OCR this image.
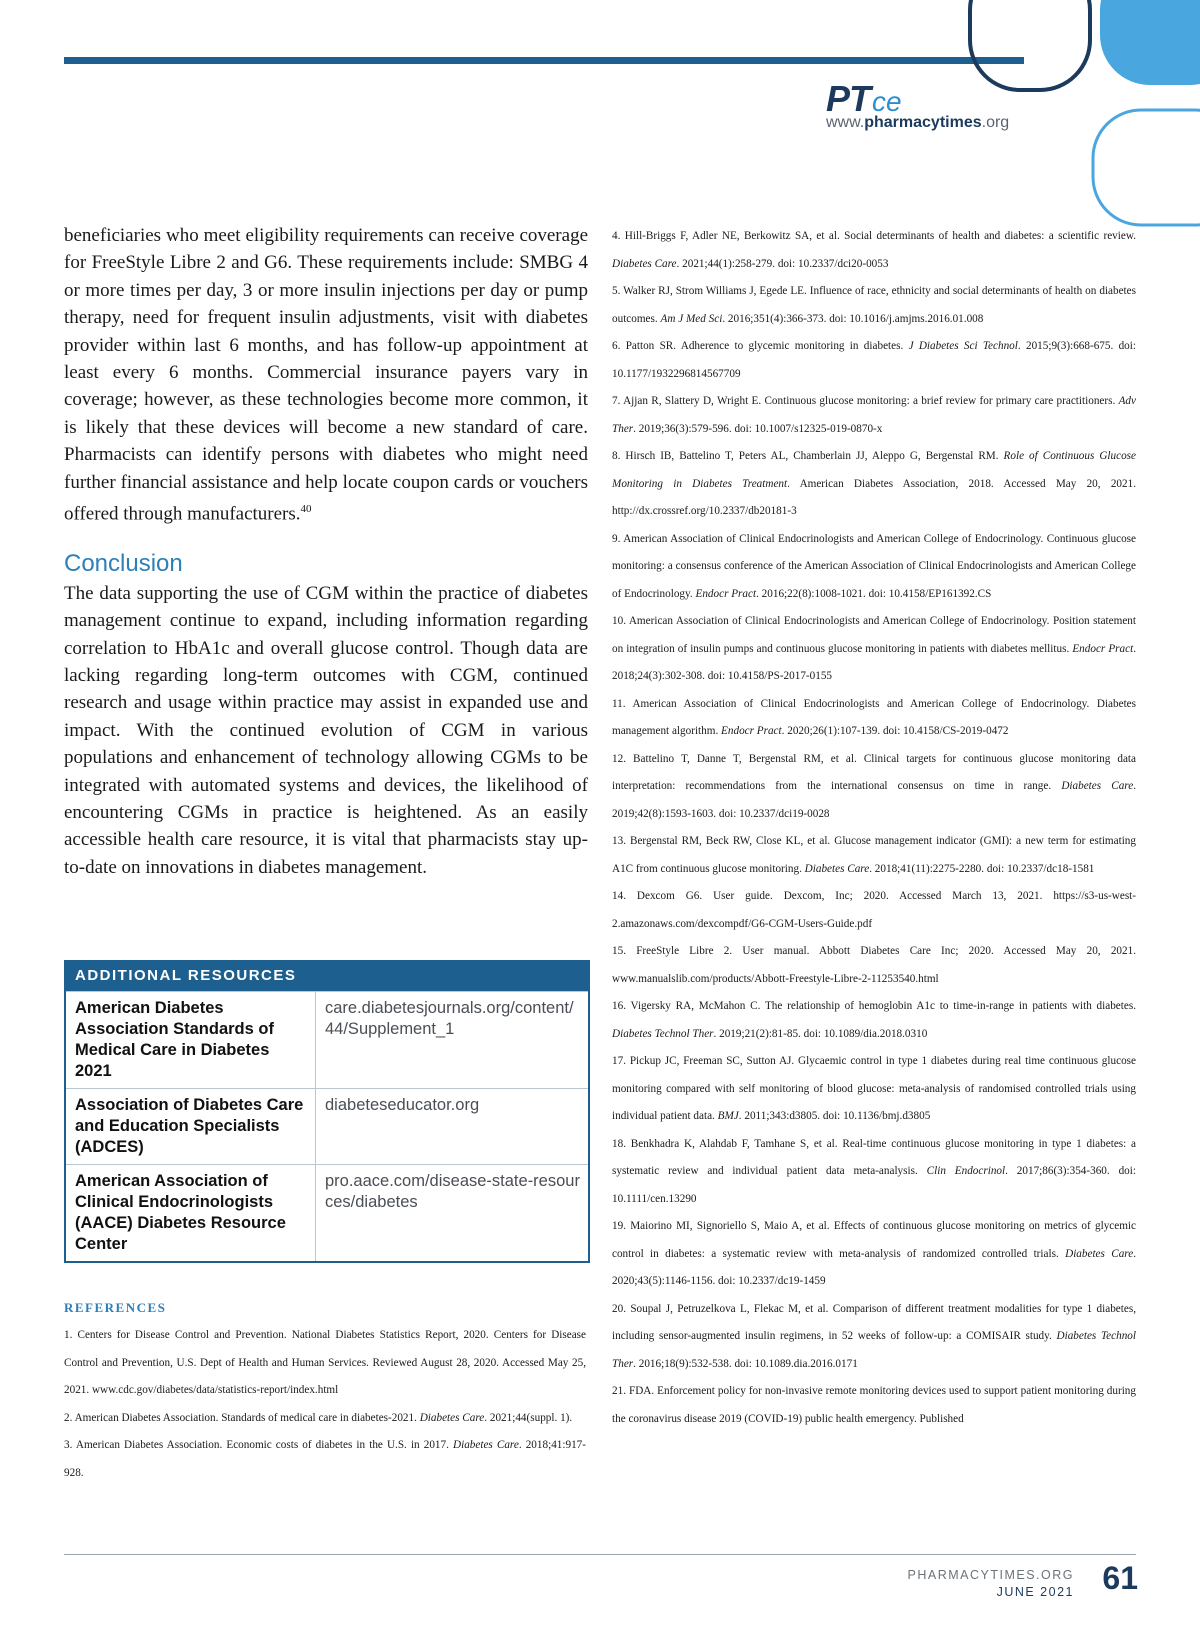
PTce
www.pharmacytimes.org

beneficiaries who meet eligibility requirements can receive coverage for FreeStyle Libre 2 and G6. These requirements include: SMBG 4 or more times per day, 3 or more insulin injections per day or pump therapy, need for frequent insulin adjustments, visit with diabetes provider within last 6 months, and has follow-up appointment at least every 6 months. Commercial insurance payers vary in coverage; however, as these technologies become more common, it is likely that these devices will become a new standard of care. Pharmacists can identify persons with diabetes who might need further financial assistance and help locate coupon cards or vouchers offered through manufacturers.$^{40}$

Conclusion

The data supporting the use of CGM within the practice of diabetes management continue to expand, including information regarding correlation to HbA1c and overall glucose control. Though data are lacking regarding long-term outcomes with CGM, continued research and usage within practice may assist in expanded use and impact. With the continued evolution of CGM in various populations and enhancement of technology allowing CGMs to be integrated with automated systems and devices, the likelihood of encountering CGMs in practice is heightened. As an easily accessible health care resource, it is vital that pharmacists stay up-to-date on innovations in diabetes management.

ADDITIONAL RESOURCES
American Diabetes Association Standards of Medical Care in Diabetes 2021
care.diabetesjournals.org/content/44/Supplement_1
Association of Diabetes Care and Education Specialists (ADCES)
diabeteseducator.org
American Association of Clinical Endocrinologists (AACE) Diabetes Resource Center
pro.aace.com/disease-state-resources/diabetes
REFERENCES

1. Centers for Disease Control and Prevention. National Diabetes Statistics Report, 2020. Centers for Disease Control and Prevention, U.S. Dept of Health and Human Services. Reviewed August 28, 2020. Accessed May 25, 2021. www.cdc.gov/diabetes/data/statistics-report/index.html

2. American Diabetes Association. Standards of medical care in diabetes-2021. Diabetes Care. 2021;44(suppl. 1).

3. American Diabetes Association. Economic costs of diabetes in the U.S. in 2017. Diabetes Care. 2018;41:917-928.

4. Hill-Briggs F, Adler NE, Berkowitz SA, et al. Social determinants of health and diabetes: a scientific review. Diabetes Care. 2021;44(1):258-279. doi: 10.2337/dci20-0053

5. Walker RJ, Strom Williams J, Egede LE. Influence of race, ethnicity and social determinants of health on diabetes outcomes. Am J Med Sci. 2016;351(4):366-373. doi: 10.1016/j.amjms.2016.01.008

6. Patton SR. Adherence to glycemic monitoring in diabetes. J Diabetes Sci Technol. 2015;9(3):668-675. doi: 10.1177/1932296814567709

7. Ajjan R, Slattery D, Wright E. Continuous glucose monitoring: a brief review for primary care practitioners. Adv Ther. 2019;36(3):579-596. doi: 10.1007/s12325-019-0870-x

8. Hirsch IB, Battelino T, Peters AL, Chamberlain JJ, Aleppo G, Bergenstal RM. Role of Continuous Glucose Monitoring in Diabetes Treatment. American Diabetes Association, 2018. Accessed May 20, 2021. http://dx.crossref.org/10.2337/db20181-3

9. American Association of Clinical Endocrinologists and American College of Endocrinology. Continuous glucose monitoring: a consensus conference of the American Association of Clinical Endocrinologists and American College of Endocrinology. Endocr Pract. 2016;22(8):1008-1021. doi: 10.4158/EP161392.CS

10. American Association of Clinical Endocrinologists and American College of Endocrinology. Position statement on integration of insulin pumps and continuous glucose monitoring in patients with diabetes mellitus. Endocr Pract. 2018;24(3):302-308. doi: 10.4158/PS-2017-0155

11. American Association of Clinical Endocrinologists and American College of Endocrinology. Diabetes management algorithm. Endocr Pract. 2020;26(1):107-139. doi: 10.4158/CS-2019-0472

12. Battelino T, Danne T, Bergenstal RM, et al. Clinical targets for continuous glucose monitoring data interpretation: recommendations from the international consensus on time in range. Diabetes Care. 2019;42(8):1593-1603. doi: 10.2337/dci19-0028

13. Bergenstal RM, Beck RW, Close KL, et al. Glucose management indicator (GMI): a new term for estimating A1C from continuous glucose monitoring. Diabetes Care. 2018;41(11):2275-2280. doi: 10.2337/dc18-1581

14. Dexcom G6. User guide. Dexcom, Inc; 2020. Accessed March 13, 2021. https://s3-us-west-2.amazonaws.com/dexcompdf/G6-CGM-Users-Guide.pdf

15. FreeStyle Libre 2. User manual. Abbott Diabetes Care Inc; 2020. Accessed May 20, 2021. www.manualslib.com/products/Abbott-Freestyle-Libre-2-11253540.html

16. Vigersky RA, McMahon C. The relationship of hemoglobin A1c to time-in-range in patients with diabetes. Diabetes Technol Ther. 2019;21(2):81-85. doi: 10.1089/dia.2018.0310

17. Pickup JC, Freeman SC, Sutton AJ. Glycaemic control in type 1 diabetes during real time continuous glucose monitoring compared with self monitoring of blood glucose: meta-analysis of randomised controlled trials using individual patient data. BMJ. 2011;343:d3805. doi: 10.1136/bmj.d3805

18. Benkhadra K, Alahdab F, Tamhane S, et al. Real-time continuous glucose monitoring in type 1 diabetes: a systematic review and individual patient data meta-analysis. Clin Endocrinol. 2017;86(3):354-360. doi: 10.1111/cen.13290

19. Maiorino MI, Signoriello S, Maio A, et al. Effects of continuous glucose monitoring on metrics of glycemic control in diabetes: a systematic review with meta-analysis of randomized controlled trials. Diabetes Care. 2020;43(5):1146-1156. doi: 10.2337/dc19-1459

20. Soupal J, Petruzelkova L, Flekac M, et al. Comparison of different treatment modalities for type 1 diabetes, including sensor-augmented insulin regimens, in 52 weeks of follow-up: a COMISAIR study. Diabetes Technol Ther. 2016;18(9):532-538. doi: 10.1089.dia.2016.0171

21. FDA. Enforcement policy for non-invasive remote monitoring devices used to support patient monitoring during the coronavirus disease 2019 (COVID-19) public health emergency. Published

PHARMACYTIMES.ORG
JUNE 2021 61
